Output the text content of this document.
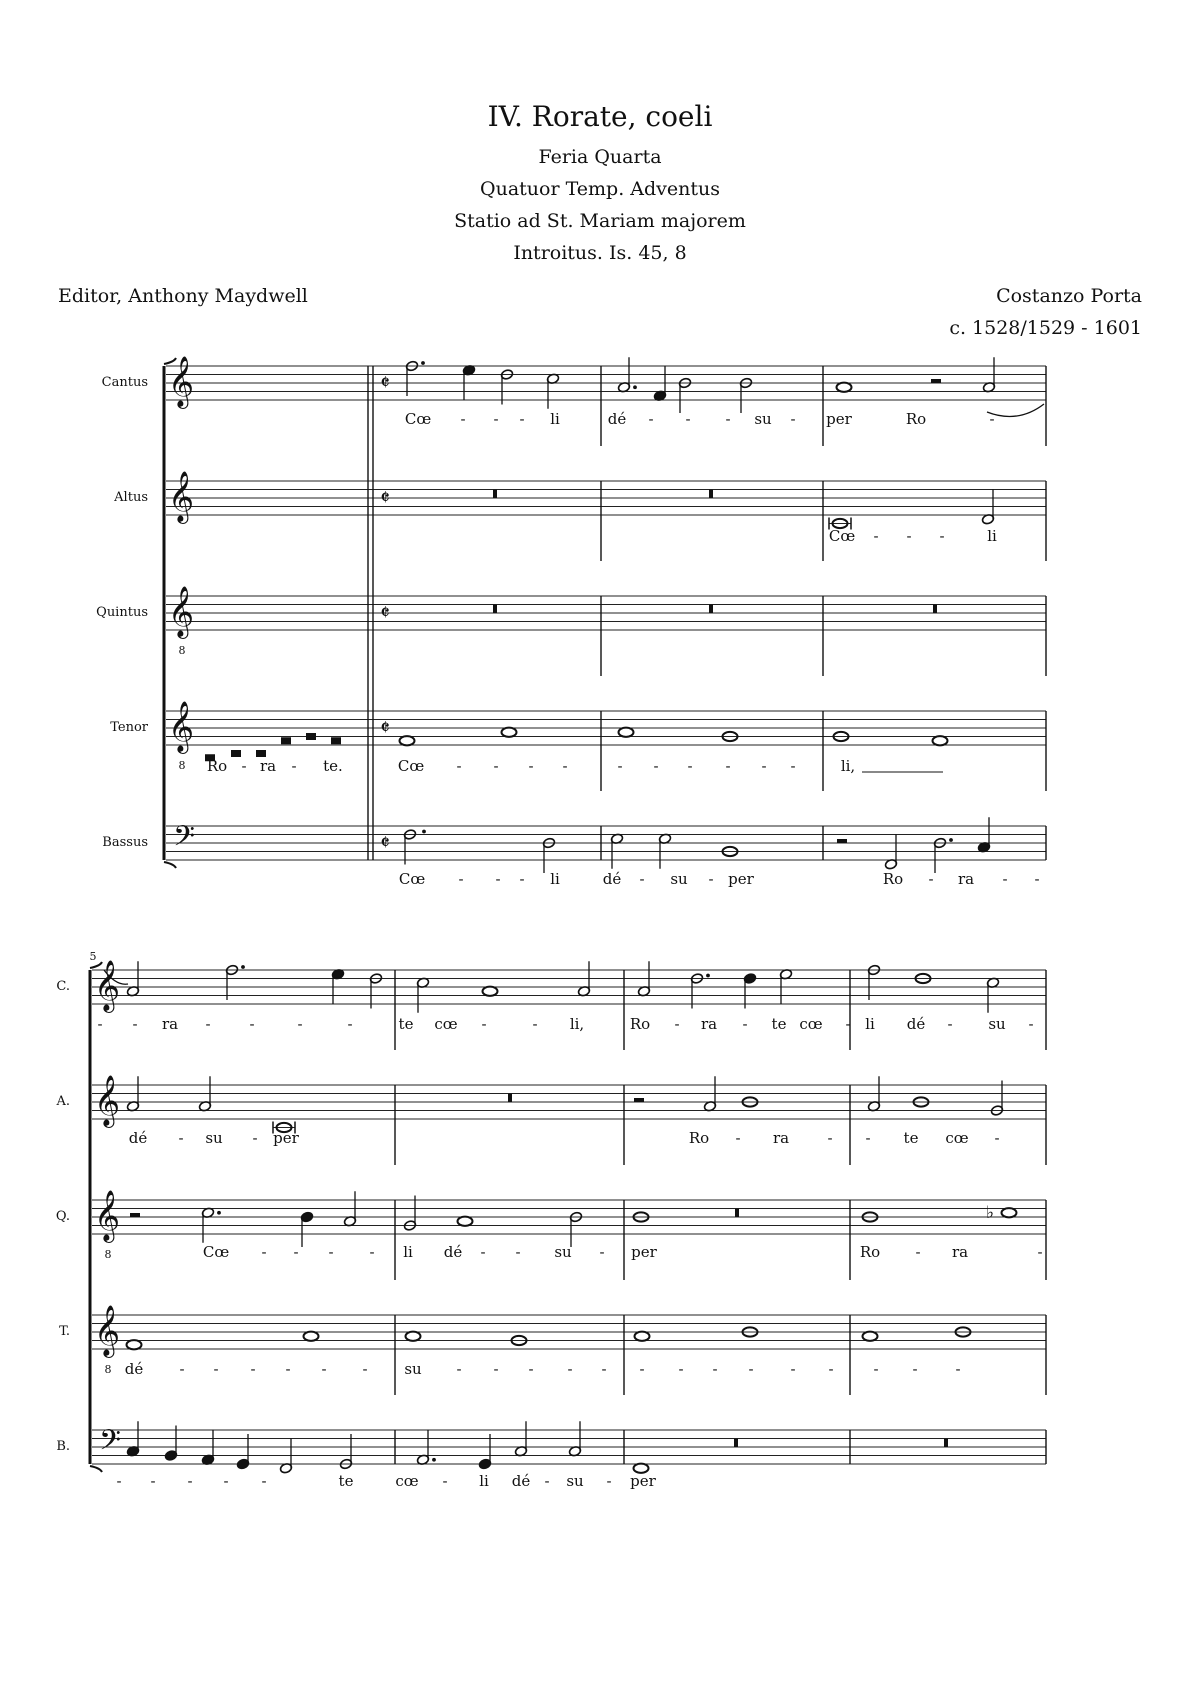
IV. Rorate, coeli
Feria Quarta
Quatuor Temp. Adventus
Statio ad St. Mariam majorem
Introitus. Is. 45, 8
Editor, Anthony Maydwell	Costanzo Porta
c. 1528/1529 - 1601
Cantus 𝄞	𝄵
Altus 𝄞	𝄵
Quintus 𝄞
8
𝄵
Tenor 𝄞
8
𝄵
Bassus 𝄢	𝄵
Cœ - - - li	dé - - - su - per	Ro	-
Cœ - - -	li
Ro - ra - te.	Cœ - - - -	- - - - - -	li,
Cœ - - - li	dé - su - per	Ro - ra - -
5
C. 𝄞
A. 𝄞
Q. 𝄞
8
T. 𝄞
8
B. 𝄢
- - ra -	-	-	-	te cœ -	- li,	Ro - ra - te cœ - li dé - su -
dé - su - per	Ro - ra	- - te cœ -
♭
Cœ - - - - li dé - - su - per	Ro - ra	-
dé - - - - - - su - - - - - - - - - - -	- -	-
- - - - -	te	cœ - li dé - su - per
